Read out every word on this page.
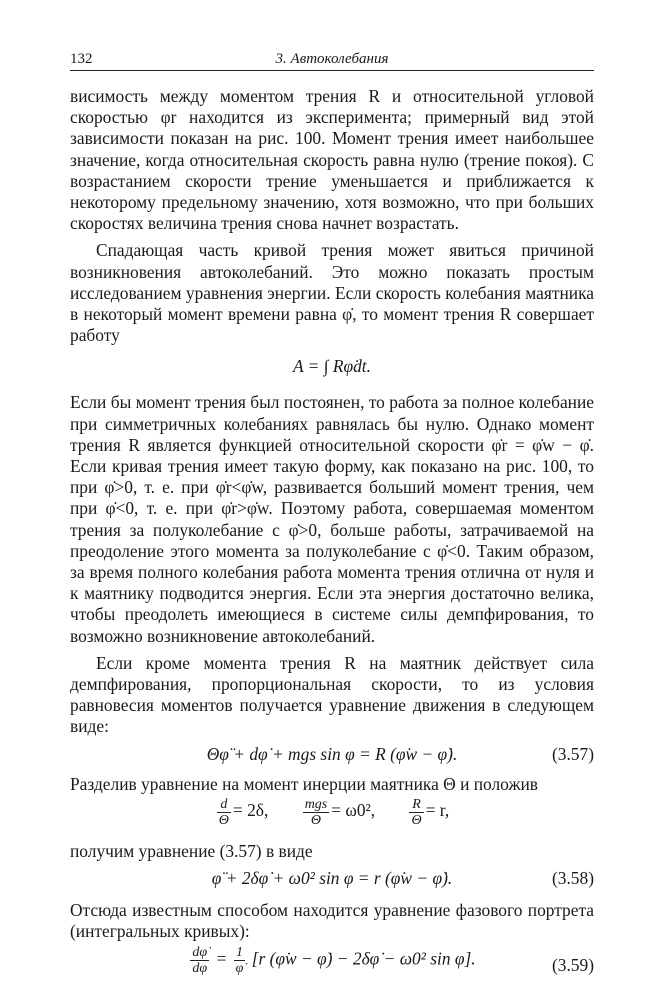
132	3. Автоколебания

висимость между моментом трения R и относительной угловой скоростью φr находится из эксперимента; примерный вид этой зависимости показан на рис. 100. Момент трения имеет наибольшее значение, когда относительная скорость равна нулю (трение покоя). С возрастанием скорости трение уменьшается и приближается к некоторому предельному значению, хотя возможно, что при больших скоростях величина трения снова начнет возрастать.

Спадающая часть кривой трения может явиться причиной возникновения автоколебаний. Это можно показать простым исследованием уравнения энергии. Если скорость колебания маятника в некоторый момент времени равна φ̇, то момент трения R совершает работу

A = ∫ Rφ̇dt.

Если бы момент трения был постоянен, то работа за полное колебание при симметричных колебаниях равнялась бы нулю. Однако момент трения R является функцией относительной скорости φ̇r = φ̇w − φ̇. Если кривая трения имеет такую форму, как показано на рис. 100, то при φ̇>0, т. е. при φ̇r<φ̇w, развивается больший момент трения, чем при φ̇<0, т. е. при φ̇r>φ̇w. Поэтому работа, совершаемая моментом трения за полуколебание с φ̇>0, больше работы, затрачиваемой на преодоление этого момента за полуколебание с φ̇<0. Таким образом, за время полного колебания работа момента трения отлична от нуля и к маятнику подводится энергия. Если эта энергия достаточно велика, чтобы преодолеть имеющиеся в системе силы демпфирования, то возможно возникновение автоколебаний.

Если кроме момента трения R на маятник действует сила демпфирования, пропорциональная скорости, то из условия равновесия моментов получается уравнение движения в следующем виде:

Θφ̈ + dφ̇ + mgs sin φ = R (φ̇w − φ̇).	(3.57)

Разделив уравнение на момент инерции маятника Θ и положив

$\frac{d}{\Theta} = 2\delta$, $\frac{\text{mgs}}{\Theta} = \omega 0^2$, $\frac{R}{\Theta} = r$,

получим уравнение (3.57) в виде

φ̈ + 2δφ̇ + ω0² sin φ = r (φ̇w − φ̇).	(3.58)

Отсюда известным способом находится уравнение фазового портрета (интегральных кривых):

$\frac{d\varphi̇}{d\varphi} = \frac{1}{\varphi̇} [r$ (φ̇w − φ̇) − 2δφ̇ − ω0² sin φ].	(3.59)
